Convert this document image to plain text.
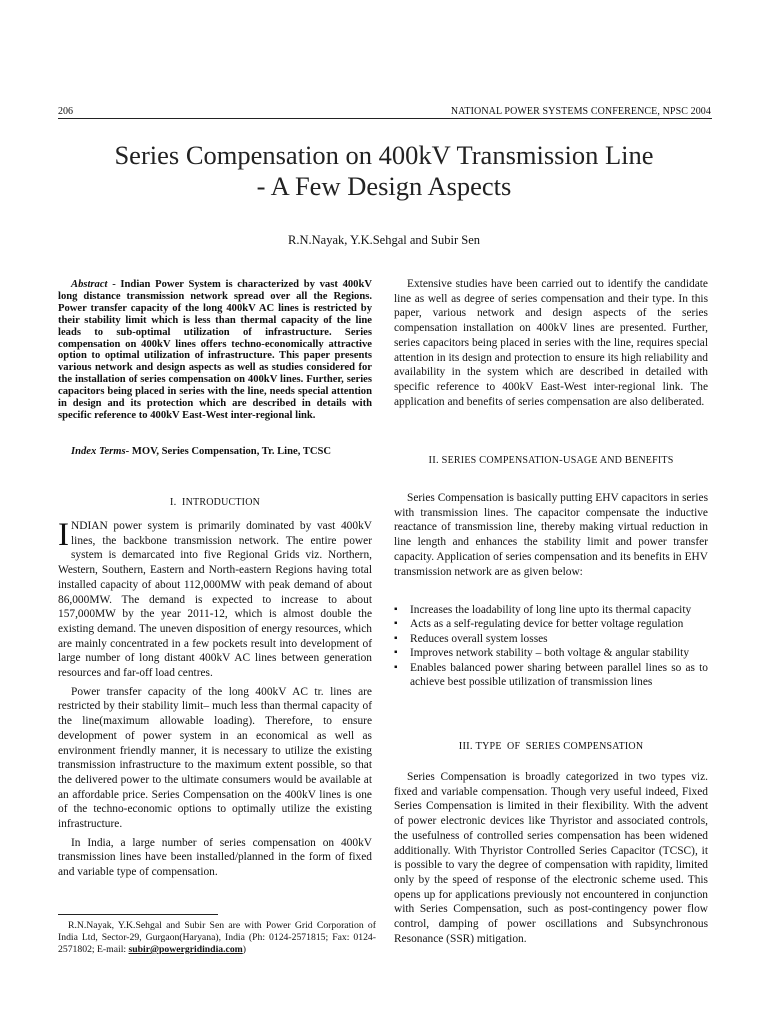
206	NATIONAL POWER SYSTEMS CONFERENCE, NPSC 2004
Series Compensation on 400kV Transmission Line
- A Few Design Aspects
R.N.Nayak, Y.K.Sehgal and Subir Sen
Abstract - Indian Power System is characterized by vast 400kV long distance transmission network spread over all the Regions. Power transfer capacity of the long 400kV AC lines is restricted by their stability limit which is less than thermal capacity of the line leads to sub-optimal utilization of infrastructure. Series compensation on 400kV lines offers techno-economically attractive option to optimal utilization of infrastructure. This paper presents various network and design aspects as well as studies considered for the installation of series compensation on 400kV lines. Further, series capacitors being placed in series with the line, needs special attention in design and its protection which are described in details with specific reference to 400kV East-West inter-regional link.
Index Terms- MOV, Series Compensation, Tr. Line, TCSC
I. INTRODUCTION

INDIAN power system is primarily dominated by vast 400kV lines, the backbone transmission network. The entire power system is demarcated into five Regional Grids viz. Northern, Western, Southern, Eastern and North-eastern Regions having total installed capacity of about 112,000MW with peak demand of about 86,000MW. The demand is expected to increase to about 157,000MW by the year 2011-12, which is almost double the existing demand. The uneven disposition of energy resources, which are mainly concentrated in a few pockets result into development of large number of long distant 400kV AC lines between generation resources and far-off load centres.

Power transfer capacity of the long 400kV AC tr. lines are restricted by their stability limit– much less than thermal capacity of the line(maximum allowable loading). Therefore, to ensure development of power system in an economical as well as environment friendly manner, it is necessary to utilize the existing transmission infrastructure to the maximum extent possible, so that the delivered power to the ultimate consumers would be available at an affordable price. Series Compensation on the 400kV lines is one of the techno-economic options to optimally utilize the existing infrastructure.

In India, a large number of series compensation on 400kV transmission lines have been installed/planned in the form of fixed and variable type of compensation.

Extensive studies have been carried out to identify the candidate line as well as degree of series compensation and their type. In this paper, various network and design aspects of the series compensation installation on 400kV lines are presented. Further, series capacitors being placed in series with the line, requires special attention in its design and protection to ensure its high reliability and availability in the system which are described in detailed with specific reference to 400kV East-West inter-regional link. The application and benefits of series compensation are also deliberated.
II. SERIES COMPENSATION-USAGE AND BENEFITS
Series Compensation is basically putting EHV capacitors in series with transmission lines. The capacitor compensate the inductive reactance of transmission line, thereby making virtual reduction in line length and enhances the stability limit and power transfer capacity. Application of series compensation and its benefits in EHV transmission network are as given below:
▪ Increases the loadability of long line upto its thermal capacity
▪ Acts as a self-regulating device for better voltage regulation
▪ Reduces overall system losses
▪ Improves network stability – both voltage & angular stability
▪ Enables balanced power sharing between parallel lines so as to achieve best possible utilization of transmission lines
III. TYPE OF SERIES COMPENSATION
Series Compensation is broadly categorized in two types viz. fixed and variable compensation. Though very useful indeed, Fixed Series Compensation is limited in their flexibility. With the advent of power electronic devices like Thyristor and associated controls, the usefulness of controlled series compensation has been widened additionally. With Thyristor Controlled Series Capacitor (TCSC), it is possible to vary the degree of compensation with rapidity, limited only by the speed of response of the electronic scheme used. This opens up for applications previously not encountered in conjunction with Series Compensation, such as post-contingency power flow control, damping of power oscillations and Subsynchronous Resonance (SSR) mitigation.
R.N.Nayak, Y.K.Sehgal and Subir Sen are with Power Grid Corporation of India Ltd, Sector-29, Gurgaon(Haryana), India (Ph: 0124-2571815; Fax: 0124-2571802; E-mail: subir@powergridindia.com)
